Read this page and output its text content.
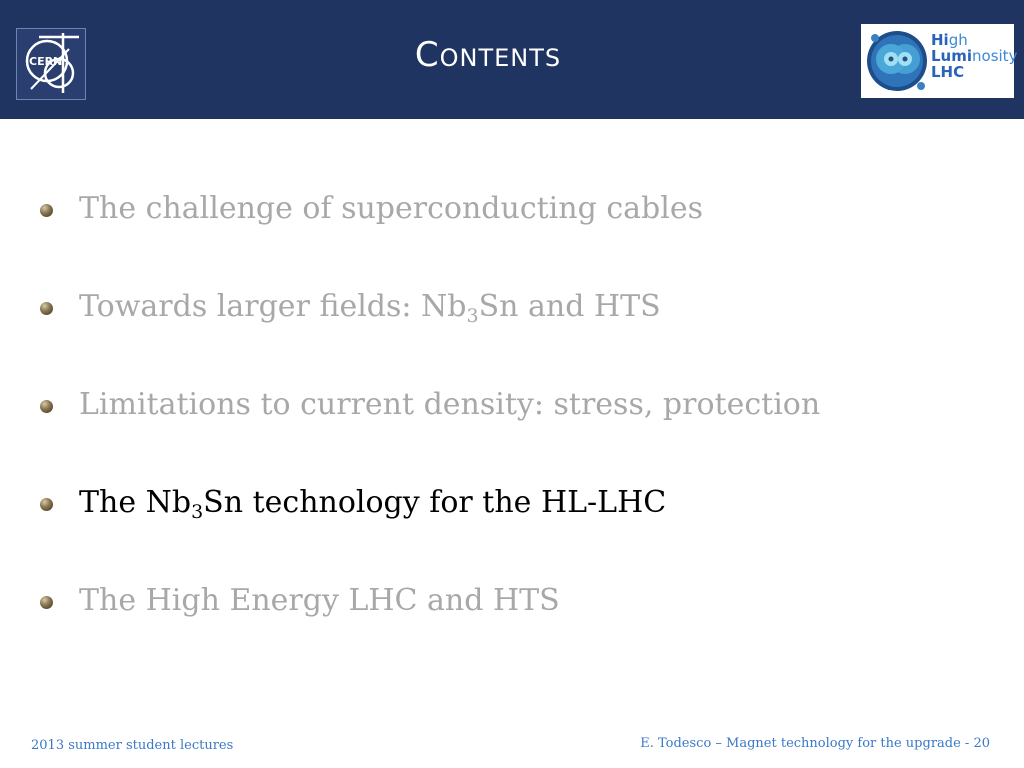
CERN	Contents	High
Luminosity
LHC
The challenge of superconducting cables
Towards larger fields: $Nb_3Sn$ and HTS
Limitations to current density: stress, protection
The $Nb_3Sn$ technology for the HL-LHC
The High Energy LHC and HTS
2013 summer student lectures	E. Todesco – Magnet technology for the upgrade - 20
